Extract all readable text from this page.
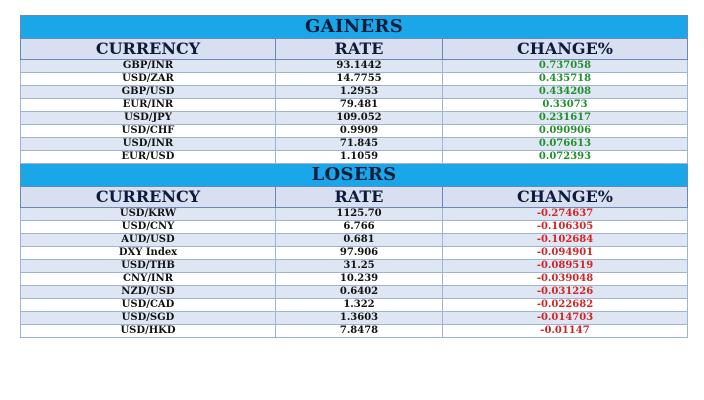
GAINERS		
CURRENCY	RATE	CHANGE%
GBP/INR	93.1442	0.737058
USD/ZAR	14.7755	0.435718
GBP/USD	1.2953	0.434208
EUR/INR	79.481	0.33073
USD/JPY	109.052	0.231617
USD/CHF	0.9909	0.090906
USD/INR	71.845	0.076613
EUR/USD	1.1059	0.072393
LOSERS		
CURRENCY	RATE	CHANGE%
USD/KRW	1125.70	-0.274637
USD/CNY	6.766	-0.106305
AUD/USD	0.681	-0.102684
DXY Index	97.906	-0.094901
USD/THB	31.25	-0.089519
CNY/INR	10.239	-0.039048
NZD/USD	0.6402	-0.031226
USD/CAD	1.322	-0.022682
USD/SGD	1.3603	-0.014703
USD/HKD	7.8478	-0.01147
